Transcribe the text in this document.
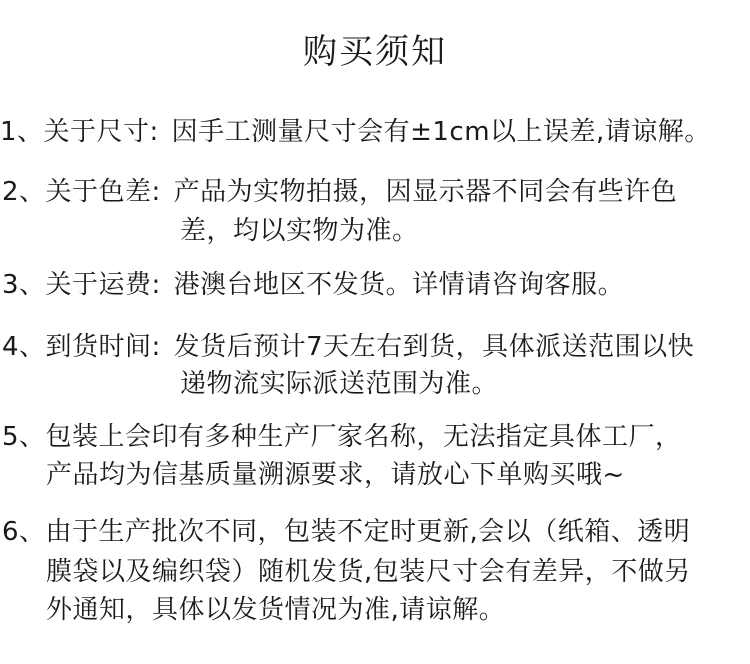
购买须知
1、关于尺寸: 因手工测量尺寸会有±1cm以上误差,请谅解。
2、关于色差: 产品为实物拍摄，因显示器不同会有些许色
差，均以实物为准。
3、关于运费: 港澳台地区不发货。详情请咨询客服。
4、到货时间: 发货后预计7天左右到货，具体派送范围以快
递物流实际派送范围为准。
5、包装上会印有多种生产厂家名称，无法指定具体工厂，
产品均为信基质量溯源要求，请放心下单购买哦~
6、由于生产批次不同，包装不定时更新,会以（纸箱、透明
膜袋以及编织袋）随机发货,包装尺寸会有差异，不做另
外通知，具体以发货情况为准,请谅解。
